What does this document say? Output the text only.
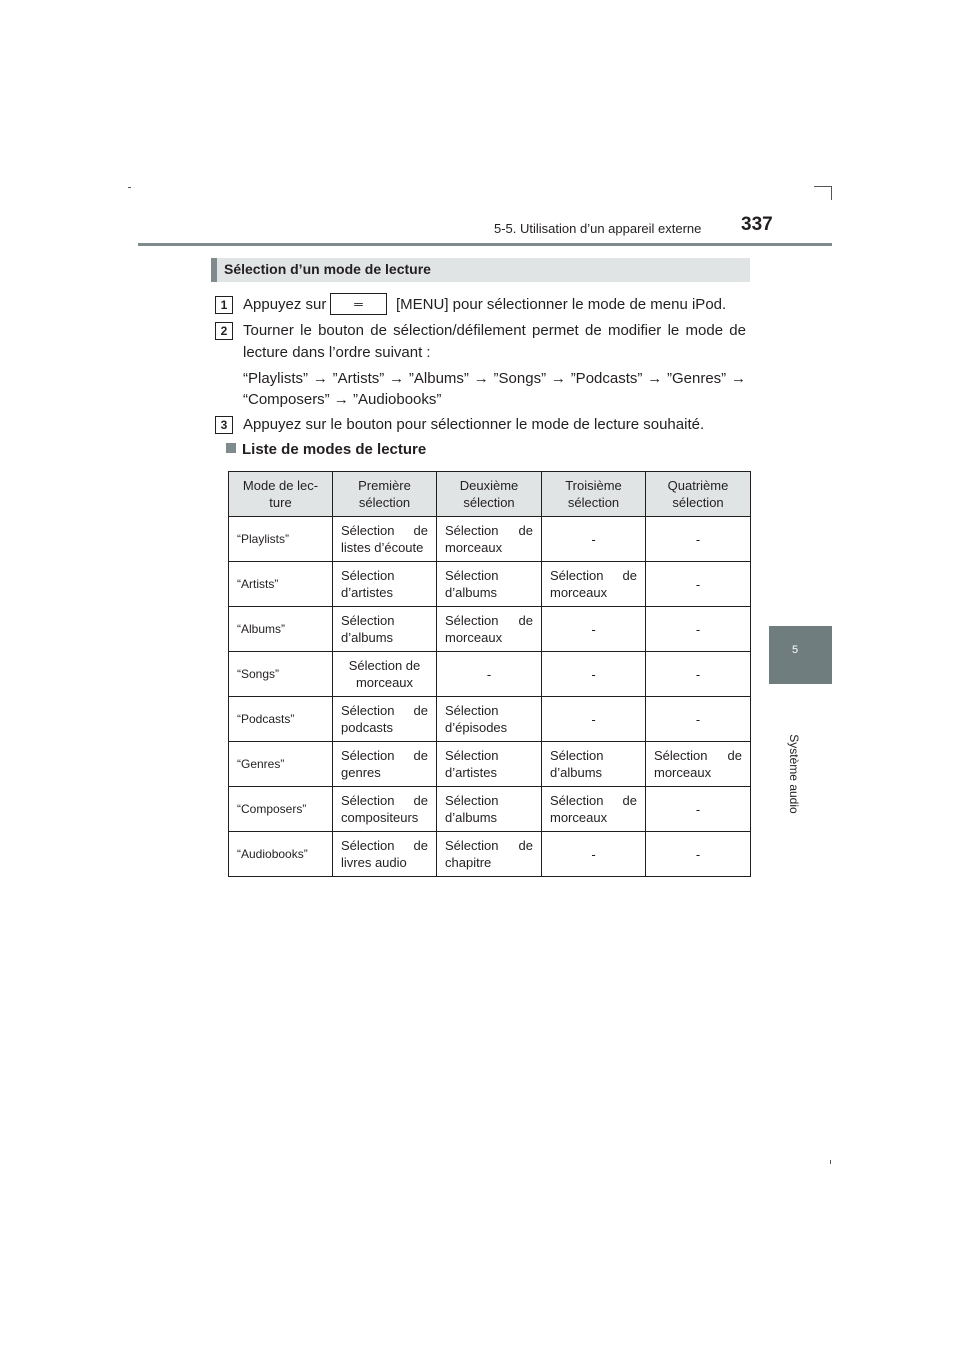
5-5. Utilisation d’un appareil externe 337
5
Système audio
Sélection d’un mode de lecture
1	Appuyez sur	═	[MENU] pour sélectionner le mode de menu iPod.
2	Tourner le bouton de sélection/défilement permet de modifier le mode de
lecture dans l’ordre suivant :
“Playlists” → ”Artists” → ”Albums” → ”Songs” → ”Podcasts” → ”Genres” →
“Composers” → ”Audiobooks”
3	Appuyez sur le bouton pour sélectionner le mode de lecture souhaité.
Liste de modes de lecture
Mode de lec-ture	Première sélection	Deuxième sélection	Troisième sélection	Quatrième sélection
“Playlists”	Sélection de listes d’écoute	Sélection de morceaux	-	-
“Artists”	Sélection d’artistes	Sélection d’albums	Sélection de morceaux	-
“Albums”	Sélection d’albums	Sélection de morceaux	-	-
“Songs”	Sélection de morceaux	-	-	-
“Podcasts”	Sélection de podcasts	Sélection d’épisodes	-	-
“Genres”	Sélection de genres	Sélection d’artistes	Sélection d’albums	Sélection de morceaux
“Composers”	Sélection de compositeurs	Sélection d’albums	Sélection de morceaux	-
“Audiobooks”	Sélection de livres audio	Sélection de chapitre	-	-
